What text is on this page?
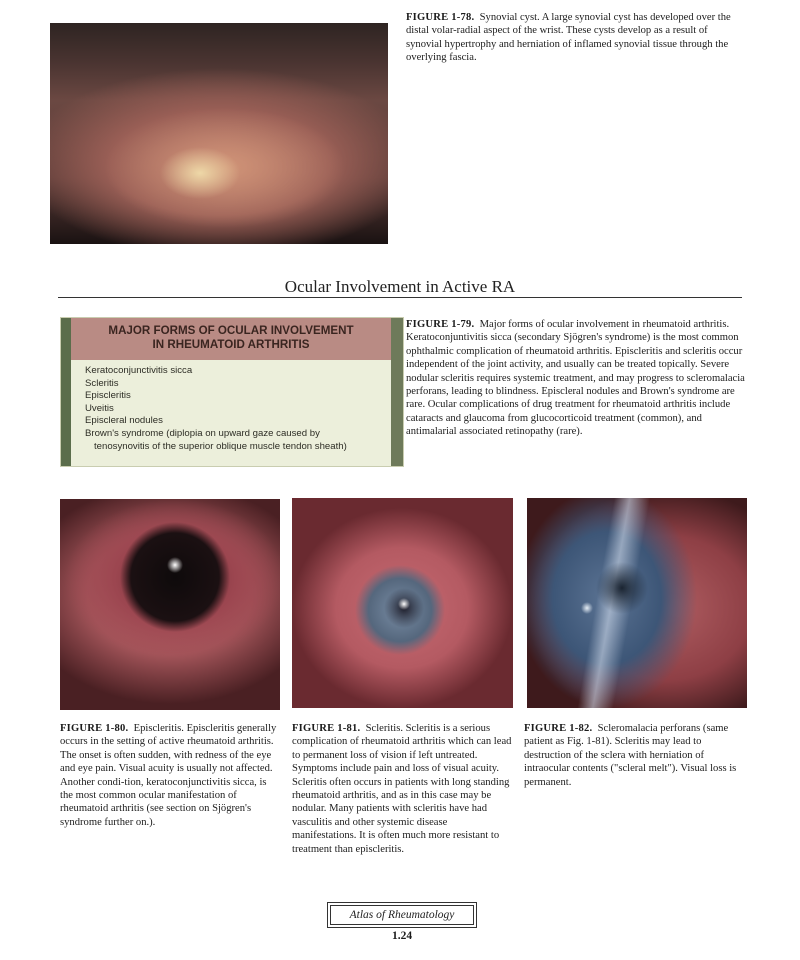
FIGURE 1-78. Synovial cyst. A large synovial cyst has developed over the distal volar-radial aspect of the wrist. These cysts develop as a result of synovial hypertrophy and herniation of inflamed synovial tissue through the overlying fascia.

Ocular Involvement in Active RA
MAJOR FORMS OF OCULAR INVOLVEMENT
IN RHEUMATOID ARTHRITIS
Keratoconjunctivitis sicca
Scleritis
Episcleritis
Uveitis
Episcleral nodules
Brown's syndrome (diplopia on upward gaze caused by
tenosynovitis of the superior oblique muscle tendon sheath)

FIGURE 1-79. Major forms of ocular involvement in rheumatoid arthritis. Keratoconjuntivitis sicca (secondary Sjögren's syndrome) is the most common ophthalmic complication of rheumatoid arthritis. Episcleritis and scleritis occur independent of the joint activity, and usually can be treated topically. Severe nodular scleritis requires systemic treatment, and may progress to scleromalacia perforans, leading to blindness. Episcleral nodules and Brown's syndrome are rare. Ocular complications of drug treatment for rheumatoid arthritis include cataracts and glaucoma from glucocorticoid treatment (common), and antimalarial associated retinopathy (rare).

FIGURE 1-80. Episcleritis. Episcleritis generally occurs in the setting of active rheumatoid arthritis. The onset is often sudden, with redness of the eye and eye pain. Visual acuity is usually not affected. Another condi-tion, keratoconjunctivitis sicca, is the most common ocular manifestation of rheumatoid arthritis (see section on Sjögren's syndrome further on.).

FIGURE 1-81. Scleritis. Scleritis is a serious complication of rheumatoid arthritis which can lead to permanent loss of vision if left untreated. Symptoms include pain and loss of visual acuity. Scleritis often occurs in patients with long standing rheumatoid arthritis, and as in this case may be nodular. Many patients with scleritis have had vasculitis and other systemic disease manifestations. It is often much more resistant to treatment than episcleritis.

FIGURE 1-82. Scleromalacia perforans (same patient as Fig. 1-81). Scleritis may lead to destruction of the sclera with herniation of intraocular contents ("scleral melt"). Visual loss is permanent.

Atlas of Rheumatology
1.24
